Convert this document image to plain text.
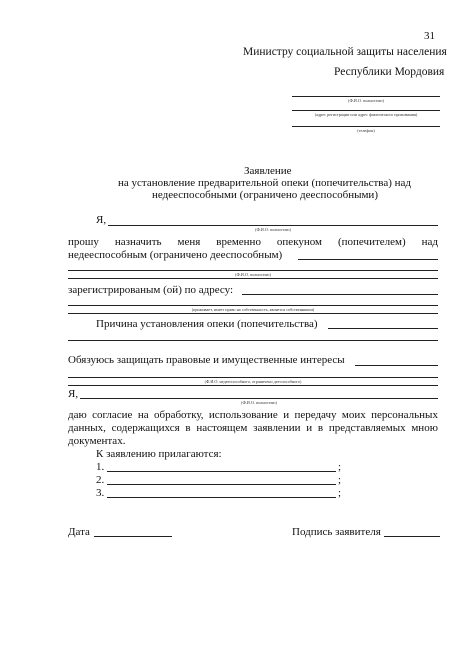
31
Министру социальной защиты населения
Республики Мордовия
(Ф.И.О. полностью)
(адрес регистрации или адрес фактического проживания)
(телефон)
Заявление
на установление предварительной опеки (попечительства) над
недееспособными (ограничено дееспособными)
Я,
(Ф.И.О. полностью)
прошу назначить меня временно опекуном (попечителем) над
недееспособным (ограничено дееспособным)
(Ф.И.О. полностью)
зарегистрированым (ой) по адресу:
(проживает, имеет право на собственность, является собственником)
Причина установления опеки (попечительства)
Обязуюсь защищать правовые и имущественные интересы
(Ф.И.О. недееспособного, ограничено дееспособного)
Я,
(Ф.И.О. полностью)
даю согласие на обработку, использование и передачу моих персональных
данных, содержащихся в настоящем заявлении и в представляемых мною
документах.
К заявлению прилагаются:
1.	;
2.	;
3.	;
Дата	Подпись заявителя
